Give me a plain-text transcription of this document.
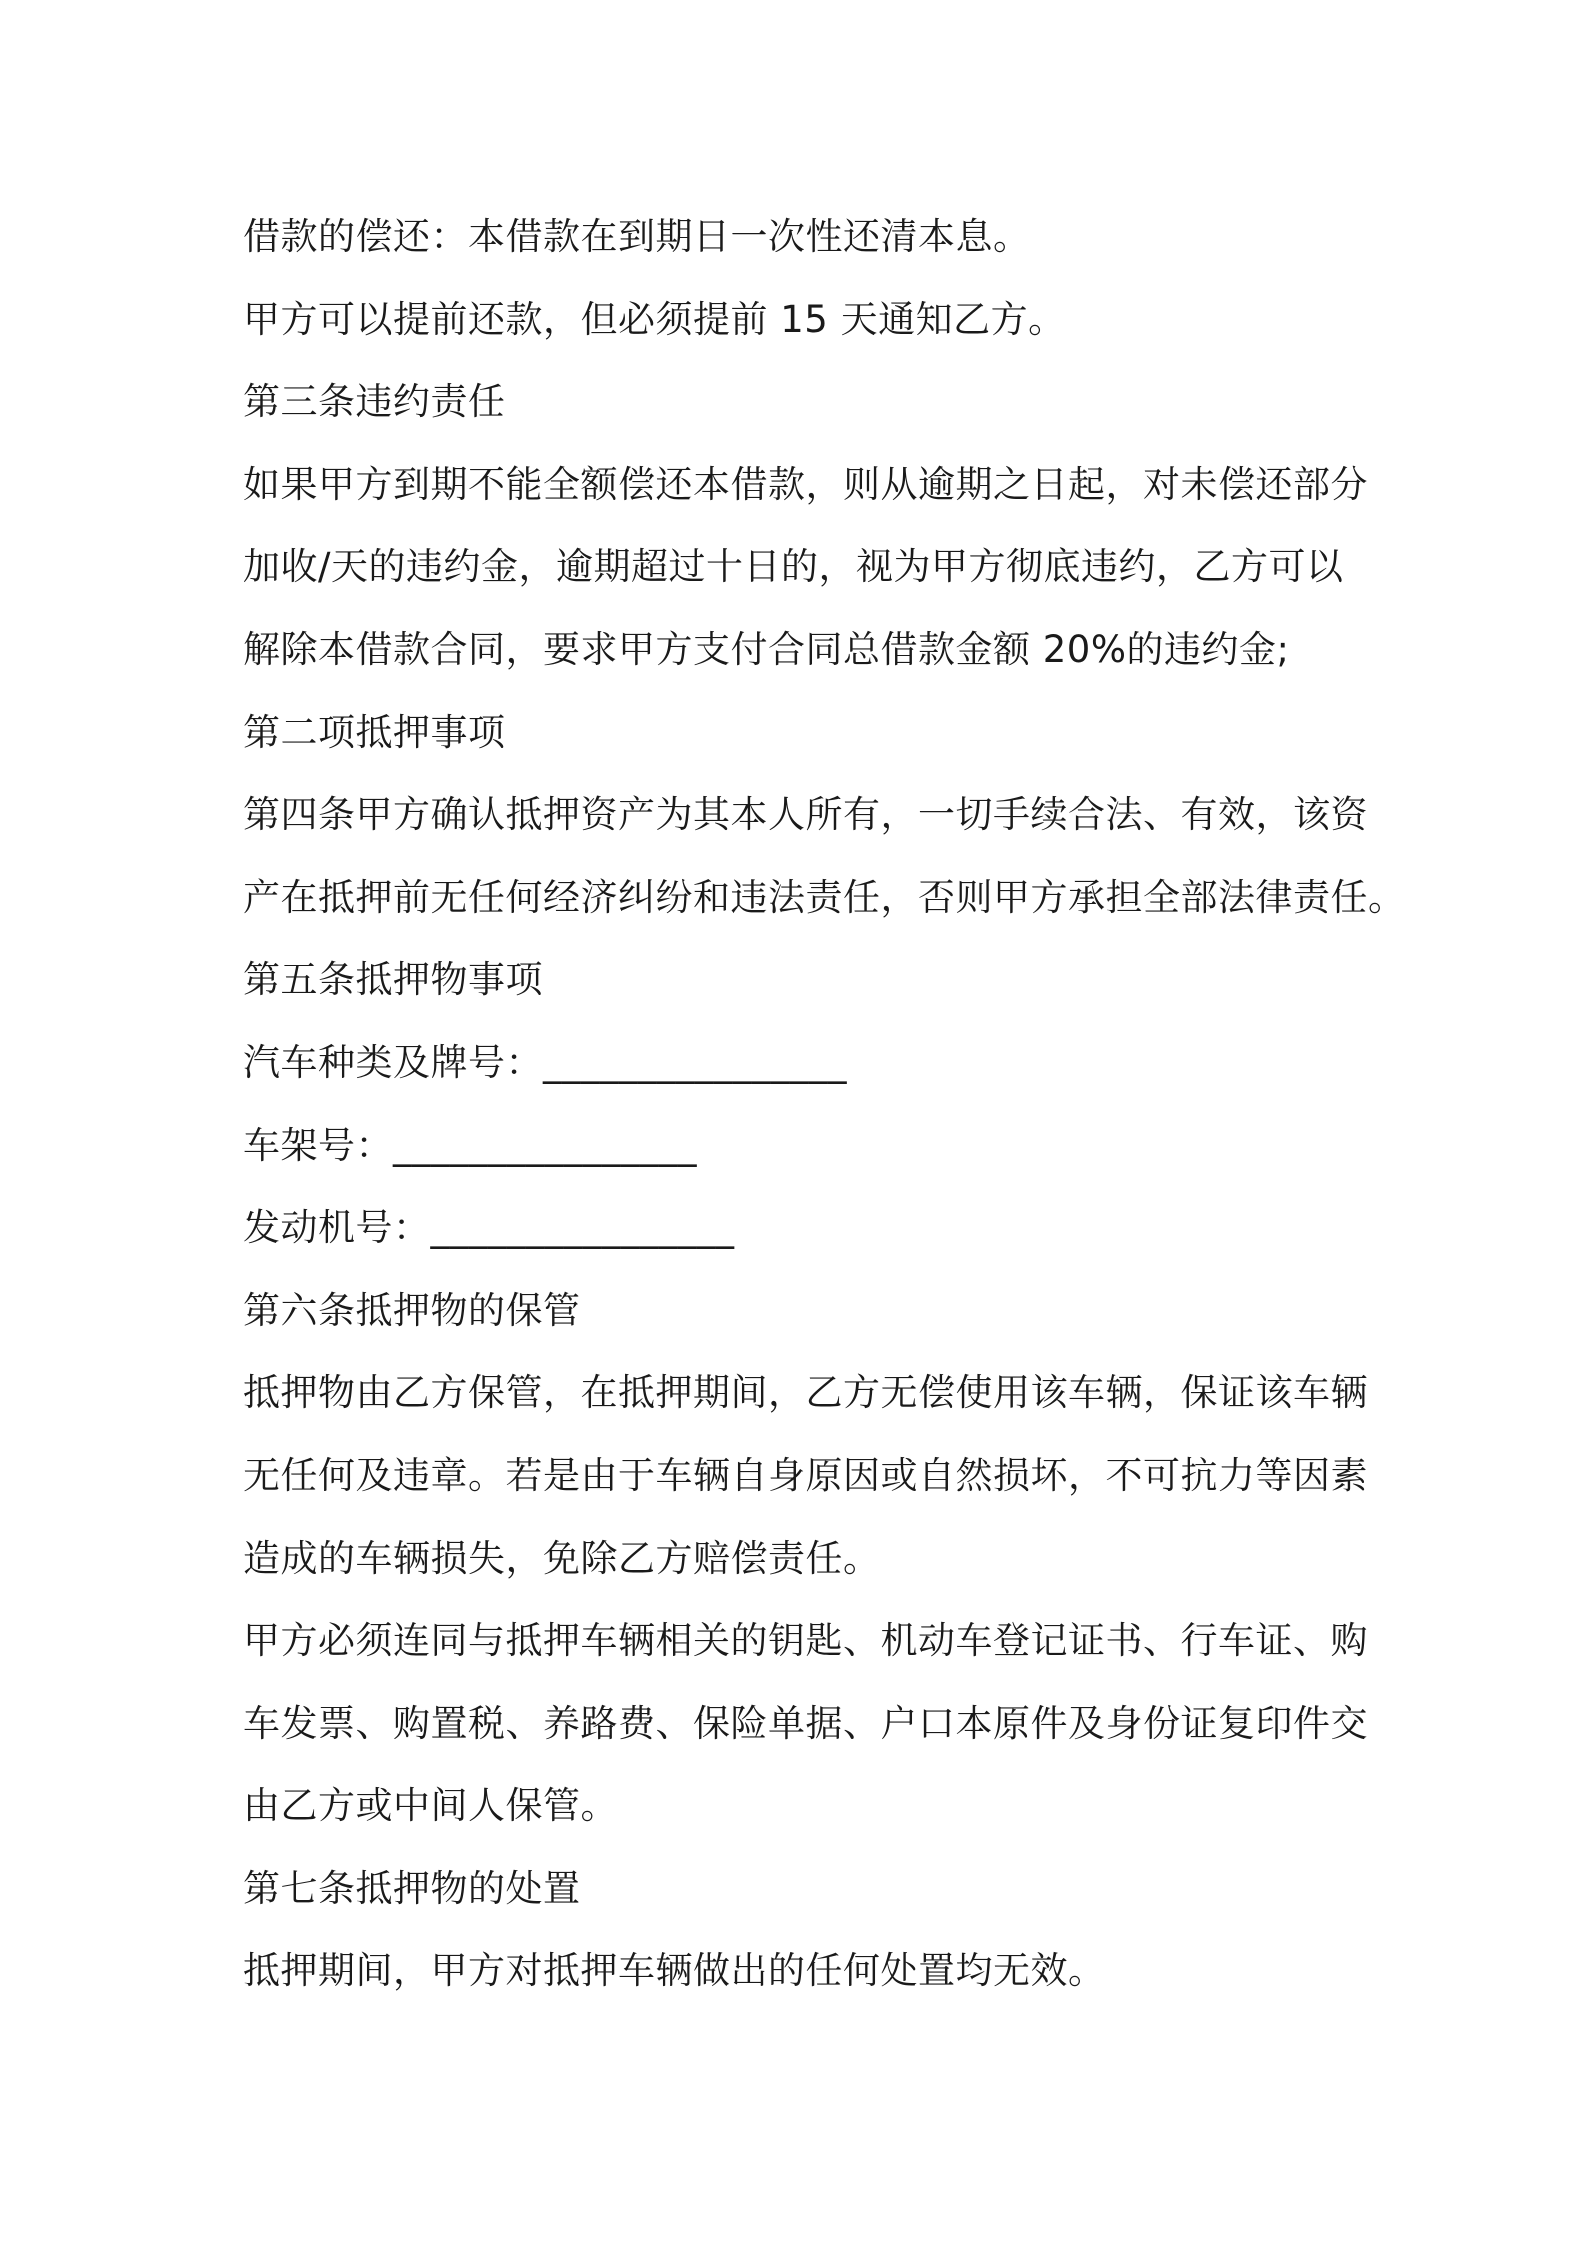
借款的偿还：本借款在到期日一次性还清本息。
甲方可以提前还款，但必须提前 15 天通知乙方。
第三条违约责任
如果甲方到期不能全额偿还本借款，则从逾期之日起，对未偿还部分
加收/天的违约金，逾期超过十日的，视为甲方彻底违约，乙方可以
解除本借款合同，要求甲方支付合同总借款金额 20%的违约金;
第二项抵押事项
第四条甲方确认抵押资产为其本人所有，一切手续合法、有效，该资
产在抵押前无任何经济纠纷和违法责任，否则甲方承担全部法律责任。
第五条抵押物事项
汽车种类及牌号：________________
车架号：________________
发动机号：________________
第六条抵押物的保管
抵押物由乙方保管，在抵押期间，乙方无偿使用该车辆，保证该车辆
无任何及违章。若是由于车辆自身原因或自然损坏，不可抗力等因素
造成的车辆损失，免除乙方赔偿责任。
甲方必须连同与抵押车辆相关的钥匙、机动车登记证书、行车证、购
车发票、购置税、养路费、保险单据、户口本原件及身份证复印件交
由乙方或中间人保管。
第七条抵押物的处置
抵押期间，甲方对抵押车辆做出的任何处置均无效。
